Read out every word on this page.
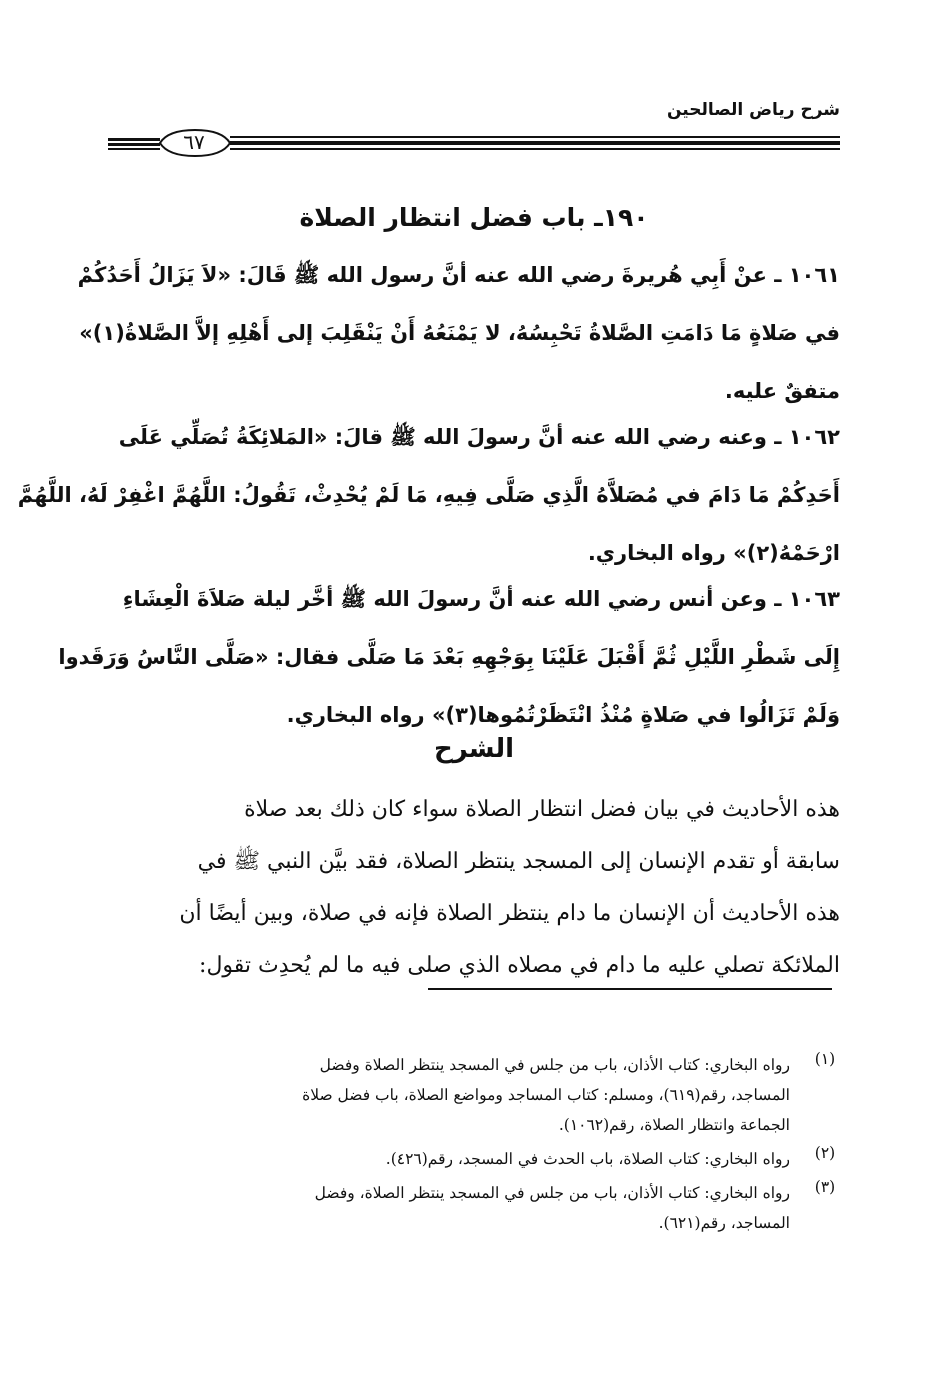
شرح رياض الصالحين
٦٧
١٩٠ـ باب فضل انتظار الصلاة
١٠٦١ ـ عنْ أَبِي هُريرةَ رضي الله عنه أنَّ رسول الله ﷺ قَالَ: «لاَ يَزَالُ أَحَدُكُمْ
في صَلاةٍ مَا دَامَتِ الصَّلاةُ تَحْبِسُهُ، لا يَمْنَعُهُ أَنْ يَنْقَلِبَ إلى أَهْلِهِ إلاَّ الصَّلاةُ(١)»
متفقٌ عليه.
١٠٦٢ ـ وعنه رضي الله عنه أنَّ رسولَ الله ﷺ قالَ: «المَلائِكَةُ تُصَلِّي عَلَى
أَحَدِكُمْ مَا دَامَ في مُصَلاَّهُ الَّذِي صَلَّى فِيهِ، مَا لَمْ يُحْدِثْ، تَقُولُ: اللَّهُمَّ اغْفِرْ لَهُ، اللَّهُمَّ
ارْحَمْهُ(٢)» رواه البخاري.
١٠٦٣ ـ وعن أنس رضي الله عنه أنَّ رسولَ الله ﷺ أخَّر ليلة صَلاَةَ الْعِشَاءِ
إِلَى شَطْرِ اللَّيْلِ ثُمَّ أَقْبَلَ عَلَيْنَا بِوَجْهِهِ بَعْدَ مَا صَلَّى فقال: «صَلَّى النَّاسُ وَرَقَدوا
وَلَمْ تَزَالُوا في صَلاةٍ مُنْذُ انْتَظَرْتُمُوها(٣)» رواه البخاري.
الشرح
هذه الأحاديث في بيان فضل انتظار الصلاة سواء كان ذلك بعد صلاة
سابقة أو تقدم الإنسان إلى المسجد ينتظر الصلاة، فقد بيَّن النبي ﷺ في
هذه الأحاديث أن الإنسان ما دام ينتظر الصلاة فإنه في صلاة، وبين أيضًا أن
الملائكة تصلي عليه ما دام في مصلاه الذي صلى فيه ما لم يُحدِث تقول:
(١)
رواه البخاري: كتاب الأذان، باب من جلس في المسجد ينتظر الصلاة وفضل
المساجد، رقم(٦١٩)، ومسلم: كتاب المساجد ومواضع الصلاة، باب فضل صلاة
الجماعة وانتظار الصلاة، رقم(١٠٦٢).
(٢)
رواه البخاري: كتاب الصلاة، باب الحدث في المسجد، رقم(٤٢٦).
(٣)
رواه البخاري: كتاب الأذان، باب من جلس في المسجد ينتظر الصلاة، وفضل
المساجد، رقم(٦٢١).
